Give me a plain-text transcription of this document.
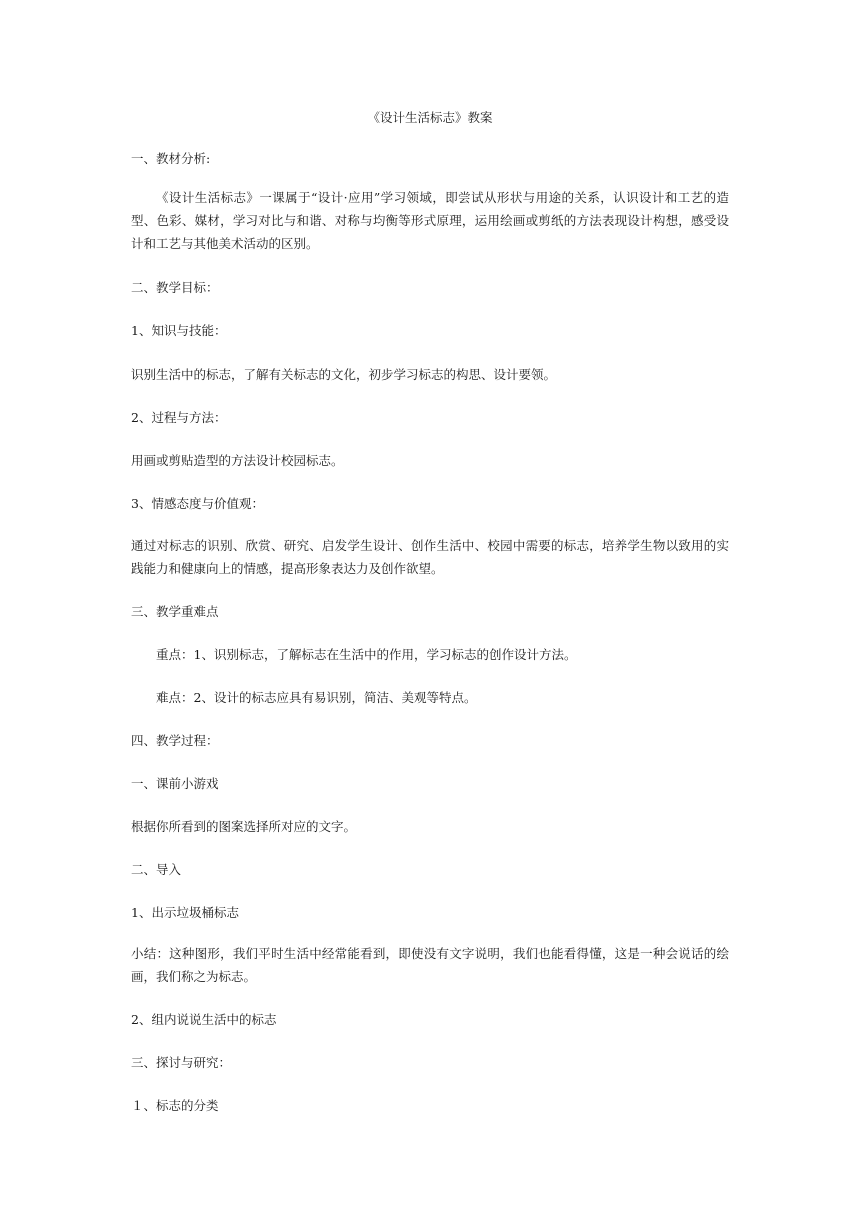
《设计生活标志》教案
一、教材分析:
《设计生活标志》一课属于“设计·应用”学习领域，即尝试从形状与用途的关系，认识设计和工艺的造型、色彩、媒材，学习对比与和谐、对称与均衡等形式原理，运用绘画或剪纸的方法表现设计构想，感受设计和工艺与其他美术活动的区别。
二、教学目标：
1、知识与技能：
识别生活中的标志，了解有关标志的文化，初步学习标志的构思、设计要领。
2、过程与方法：
用画或剪贴造型的方法设计校园标志。
3、情感态度与价值观：
通过对标志的识别、欣赏、研究、启发学生设计、创作生活中、校园中需要的标志，培养学生物以致用的实践能力和健康向上的情感，提高形象表达力及创作欲望。
三、教学重难点
重点：1、识别标志，了解标志在生活中的作用，学习标志的创作设计方法。
难点：2、设计的标志应具有易识别，简洁、美观等特点。
四、教学过程：
一、课前小游戏
根据你所看到的图案选择所对应的文字。
二、导入
1、出示垃圾桶标志
小结：这种图形，我们平时生活中经常能看到，即使没有文字说明，我们也能看得懂，这是一种会说话的绘画，我们称之为标志。
2、组内说说生活中的标志
三、探讨与研究：
１、标志的分类
